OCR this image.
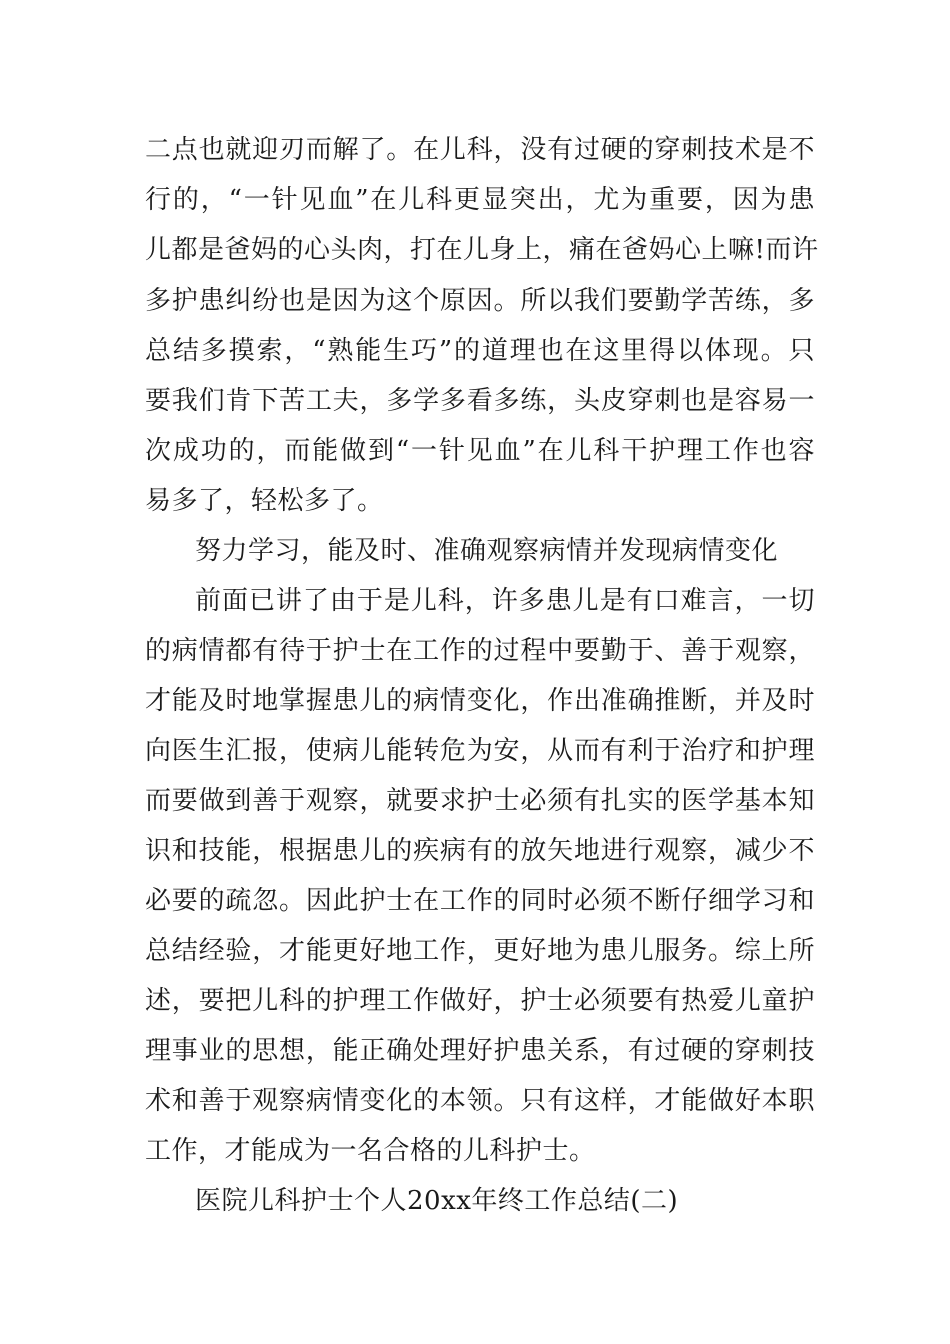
二点也就迎刃而解了。在儿科，没有过硬的穿刺技术是不
行的，“一针见血”在儿科更显突出，尤为重要，因为患
儿都是爸妈的心头肉，打在儿身上，痛在爸妈心上嘛!而许
多护患纠纷也是因为这个原因。所以我们要勤学苦练，多
总结多摸索，“熟能生巧”的道理也在这里得以体现。只
要我们肯下苦工夫，多学多看多练，头皮穿刺也是容易一
次成功的，而能做到“一针见血”在儿科干护理工作也容
易多了，轻松多了。
努力学习，能及时、准确观察病情并发现病情变化
前面已讲了由于是儿科，许多患儿是有口难言，一切
的病情都有待于护士在工作的过程中要勤于、善于观察，
才能及时地掌握患儿的病情变化，作出准确推断，并及时
向医生汇报，使病儿能转危为安，从而有利于治疗和护理
而要做到善于观察，就要求护士必须有扎实的医学基本知
识和技能，根据患儿的疾病有的放矢地进行观察，减少不
必要的疏忽。因此护士在工作的同时必须不断仔细学习和
总结经验，才能更好地工作，更好地为患儿服务。综上所
述，要把儿科的护理工作做好，护士必须要有热爱儿童护
理事业的思想，能正确处理好护患关系，有过硬的穿刺技
术和善于观察病情变化的本领。只有这样，才能做好本职
工作，才能成为一名合格的儿科护士。
医院儿科护士个人20xx年终工作总结(二)
